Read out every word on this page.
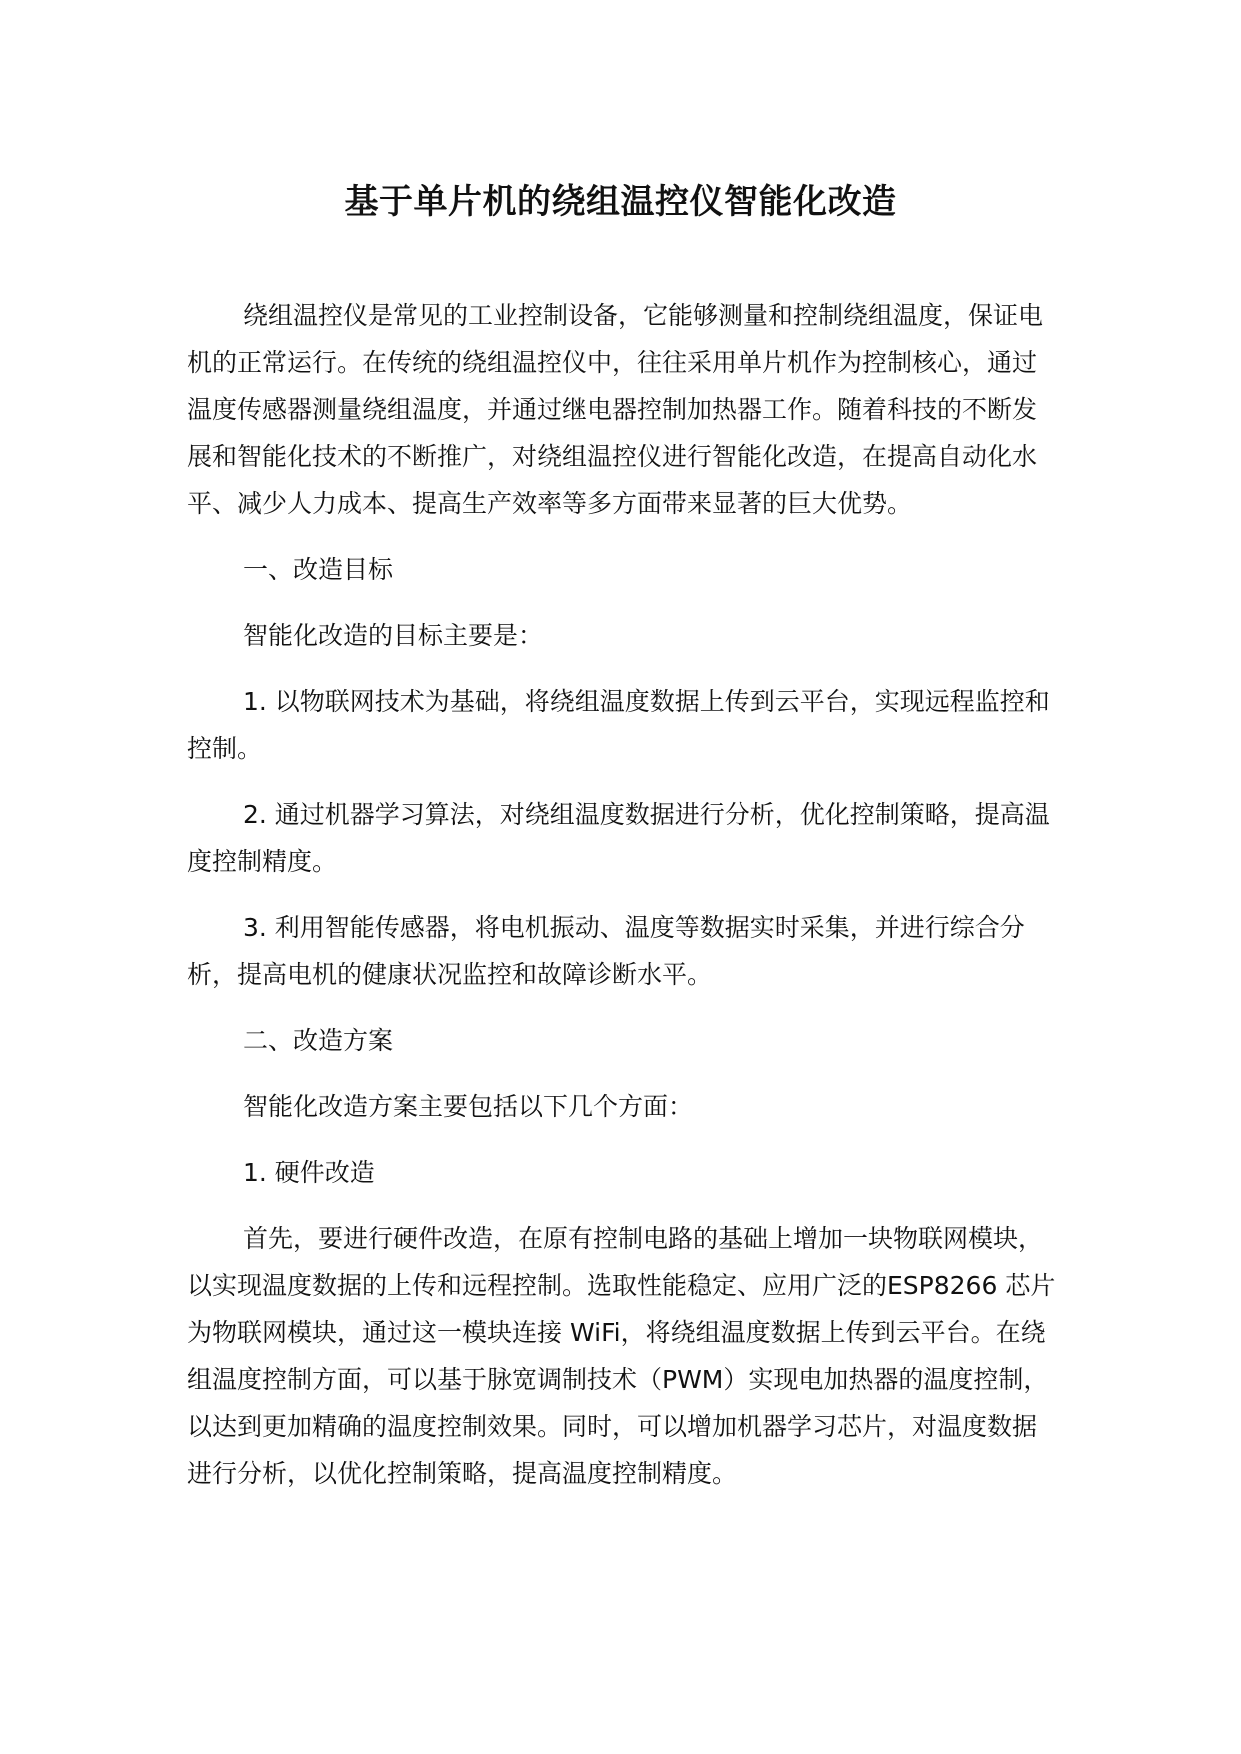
基于单片机的绕组温控仪智能化改造

绕组温控仪是常见的工业控制设备，它能够测量和控制绕组温度，保证电机的正常运行。在传统的绕组温控仪中，往往采用单片机作为控制核心，通过温度传感器测量绕组温度，并通过继电器控制加热器工作。随着科技的不断发展和智能化技术的不断推广，对绕组温控仪进行智能化改造，在提高自动化水平、减少人力成本、提高生产效率等多方面带来显著的巨大优势。

一、改造目标

智能化改造的目标主要是：

1. 以物联网技术为基础，将绕组温度数据上传到云平台，实现远程监控和控制。

2. 通过机器学习算法，对绕组温度数据进行分析，优化控制策略，提高温度控制精度。

3. 利用智能传感器，将电机振动、温度等数据实时采集，并进行综合分析，提高电机的健康状况监控和故障诊断水平。

二、改造方案

智能化改造方案主要包括以下几个方面：

1. 硬件改造

首先，要进行硬件改造，在原有控制电路的基础上增加一块物联网模块，以实现温度数据的上传和远程控制。选取性能稳定、应用广泛的ESP8266 芯片为物联网模块，通过这一模块连接 WiFi，将绕组温度数据上传到云平台。在绕组温度控制方面，可以基于脉宽调制技术（PWM）实现电加热器的温度控制，以达到更加精确的温度控制效果。同时，可以增加机器学习芯片，对温度数据进行分析，以优化控制策略，提高温度控制精度。
